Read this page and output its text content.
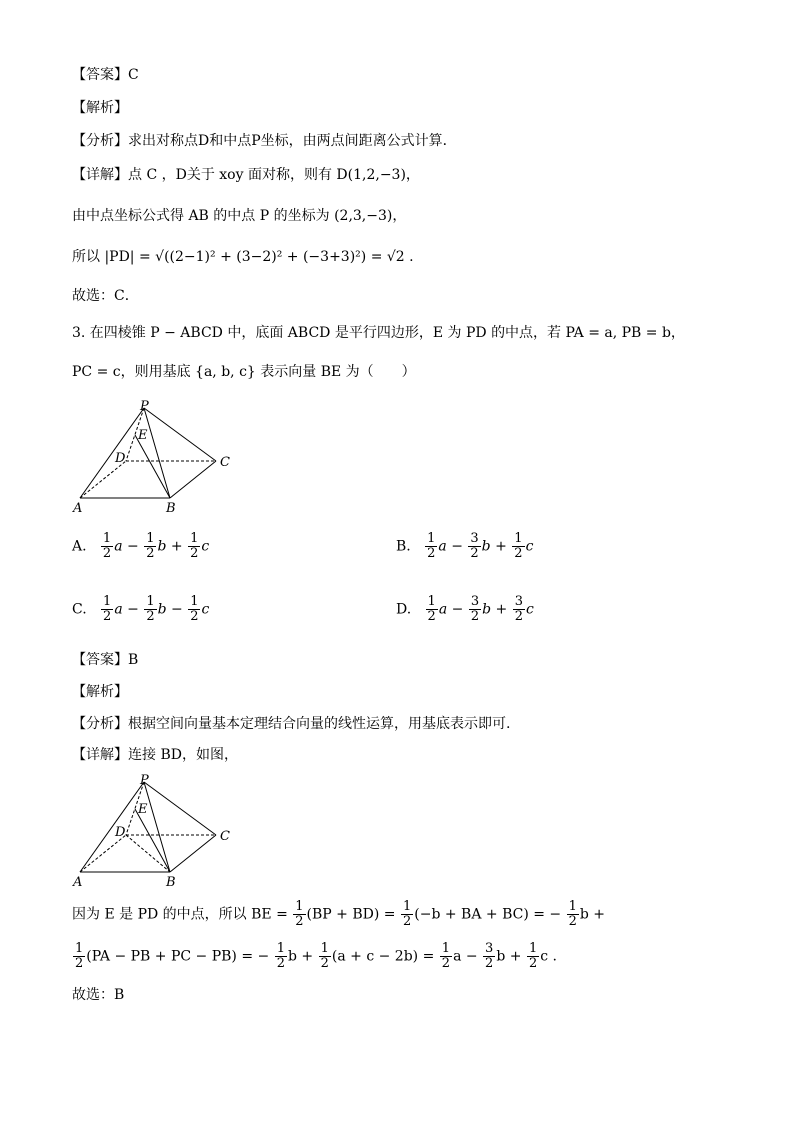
【答案】C
【解析】
【分析】求出对称点D和中点P坐标，由两点间距离公式计算．
【详解】点 C ，D关于 xoy 面对称，则有 D(1,2,−3)，
由中点坐标公式得 AB 的中点 P 的坐标为 (2,3,−3)，
所以 |PD| = √((2−1)² + (3−2)² + (−3+3)²) = √2 .
故选：C．
3. 在四棱锥 P − ABCD 中，底面 ABCD 是平行四边形，E 为 PD 的中点，若 PA = a, PB = b，
PC = c，则用基底 {a, b, c} 表示向量 BE 为（　　）
P
E
D	C
A	B
A. $\frac{1}{2}$ $a - \frac{1}{2}$ $b + \frac{1}{2}$ c	B. $\frac{1}{2}$ $a - \frac{3}{2}$ $b + \frac{1}{2}$ c
C. $\frac{1}{2}$ $a - \frac{1}{2}$ $b - \frac{1}{2}$ c	D. $\frac{1}{2}$ $a - \frac{3}{2}$ $b + \frac{3}{2}$ c
【答案】B
【解析】
【分析】根据空间向量基本定理结合向量的线性运算，用基底表示即可.
【详解】连接 BD，如图，
P
E
D	C
A	B
因为 E 是 PD 的中点，所以 BE = $\frac{1}{2} (BP + BD) = \frac{1}{2} (-b$ + BA + BC) = − $\frac{1}{2}$ b +
$\frac{1}{2} (PA$ − PB + PC − PB) = − $\frac{1}{2}$ $b + \frac{1}{2} (a + c - 2b) = \frac{1}{2}$ $a - \frac{3}{2}$ $b + \frac{1}{2}$ c .
故选：B
